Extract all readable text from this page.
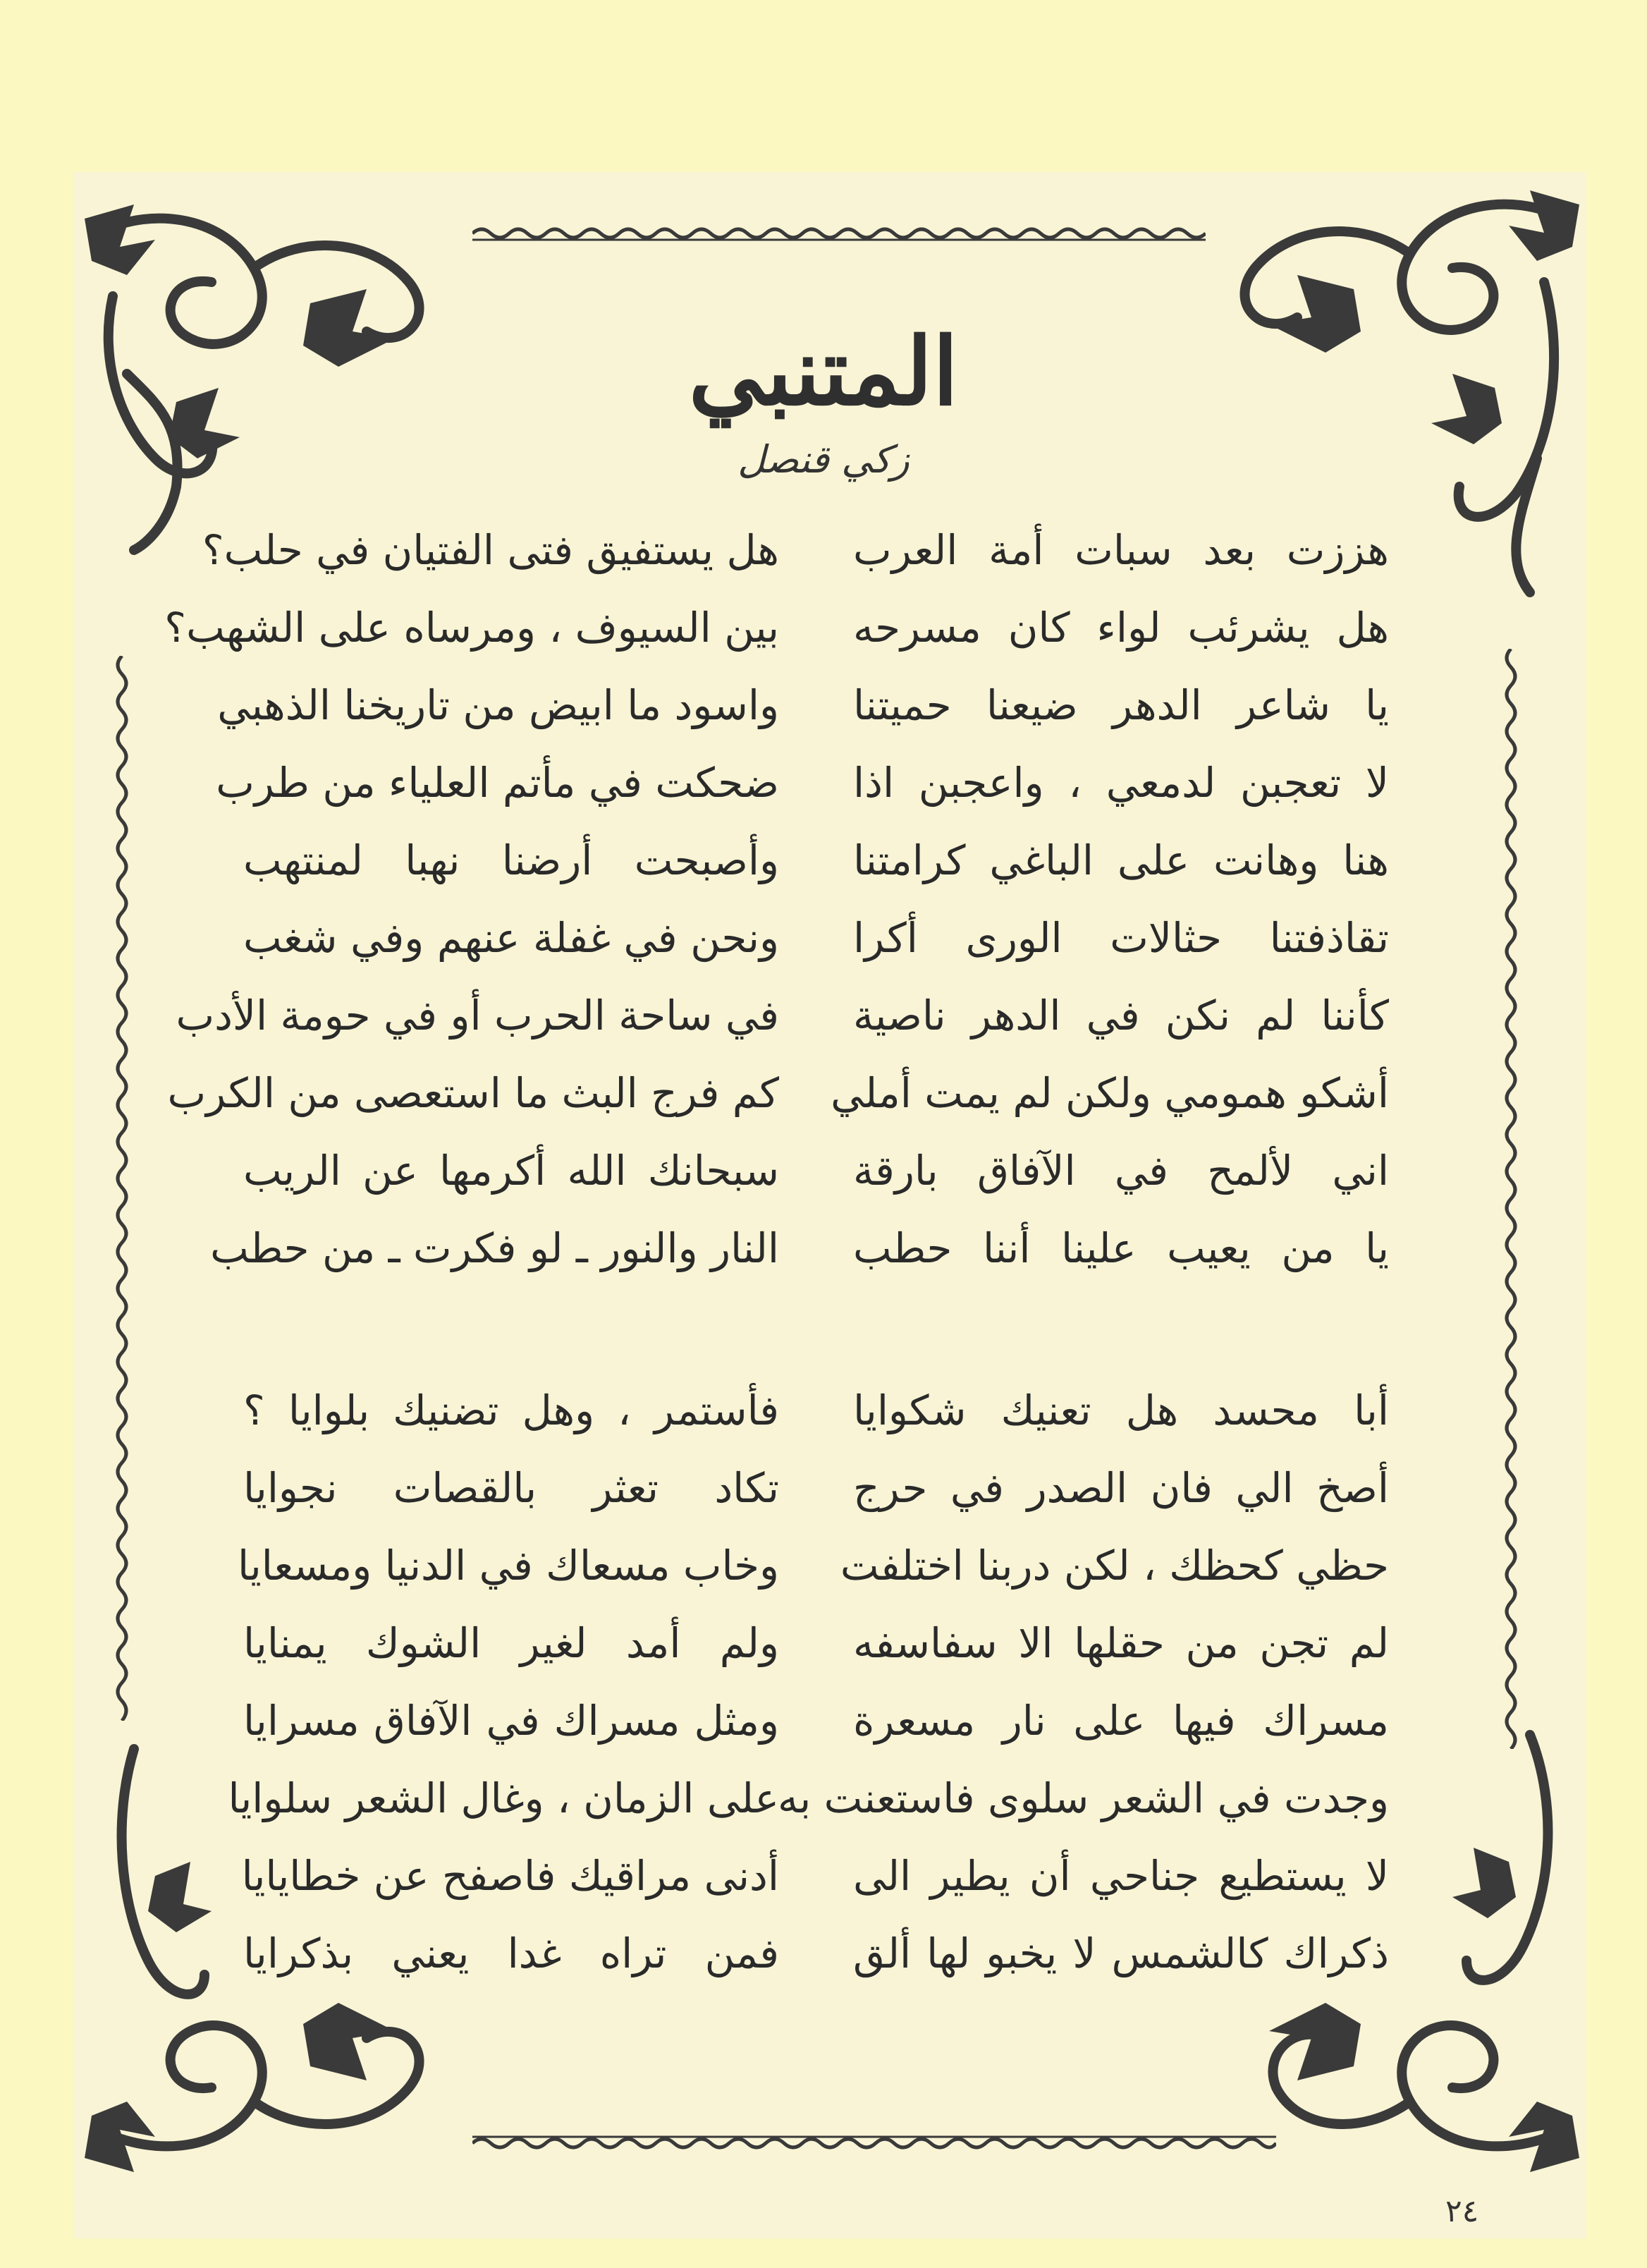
المتنبي
زكي قنصل
هززت بعد سبات أمة العرب
هل يشرئب لواء كان مسرحه
يا شاعر الدهر ضيعنا حميتنا
لا تعجبن لدمعي ، واعجبن اذا
هنا وهانت على الباغي كرامتنا
تقاذفتنا حثالات الورى أكرا
كأننا لم نكن في الدهر ناصية
أشكو همومي ولكن لم يمت أملي
اني لألمح في الآفاق بارقة
يا من يعيب علينا أننا حطب
هل يستفيق فتى الفتيان في حلب؟
بين السيوف ، ومرساه على الشهب؟
واسود ما ابيض من تاريخنا الذهبي
ضحكت في مأتم العلياء من طرب
وأصبحت أرضنا نهبا لمنتهب
ونحن في غفلة عنهم وفي شغب
في ساحة الحرب أو في حومة الأدب
كم فرج البث ما استعصى من الكرب
سبحانك الله أكرمها عن الريب
النار والنور ـ لو فكرت ـ من حطب
أبا محسد هل تعنيك شكوايا
أصخ الي فان الصدر في حرج
حظي كحظك ، لكن دربنا اختلفت
لم تجن من حقلها الا سفاسفه
مسراك فيها على نار مسعرة
وجدت في الشعر سلوى فاستعنت به
لا يستطيع جناحي أن يطير الى
ذكراك كالشمس لا يخبو لها ألق
فأستمر ، وهل تضنيك بلوايا ؟
تكاد تعثر بالقصات نجوايا
وخاب مسعاك في الدنيا ومسعايا
ولم أمد لغير الشوك يمنايا
ومثل مسراك في الآفاق مسرايا
على الزمان ، وغال الشعر سلوايا
أدنى مراقيك فاصفح عن خطايايا
فمن تراه غدا يعني بذكرايا
٢٤
